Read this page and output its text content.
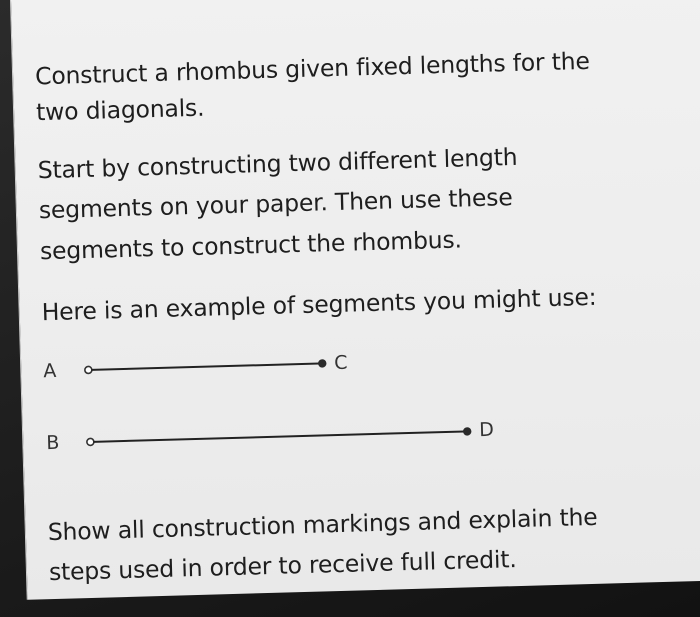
Construct a rhombus given fixed lengths for the

two diagonals.

Start by constructing two different length

segments on your paper. Then use these

segments to construct the rhombus.

Here is an example of segments you might use:

A	C
B
D

Show all construction markings and explain the

steps used in order to receive full credit.
